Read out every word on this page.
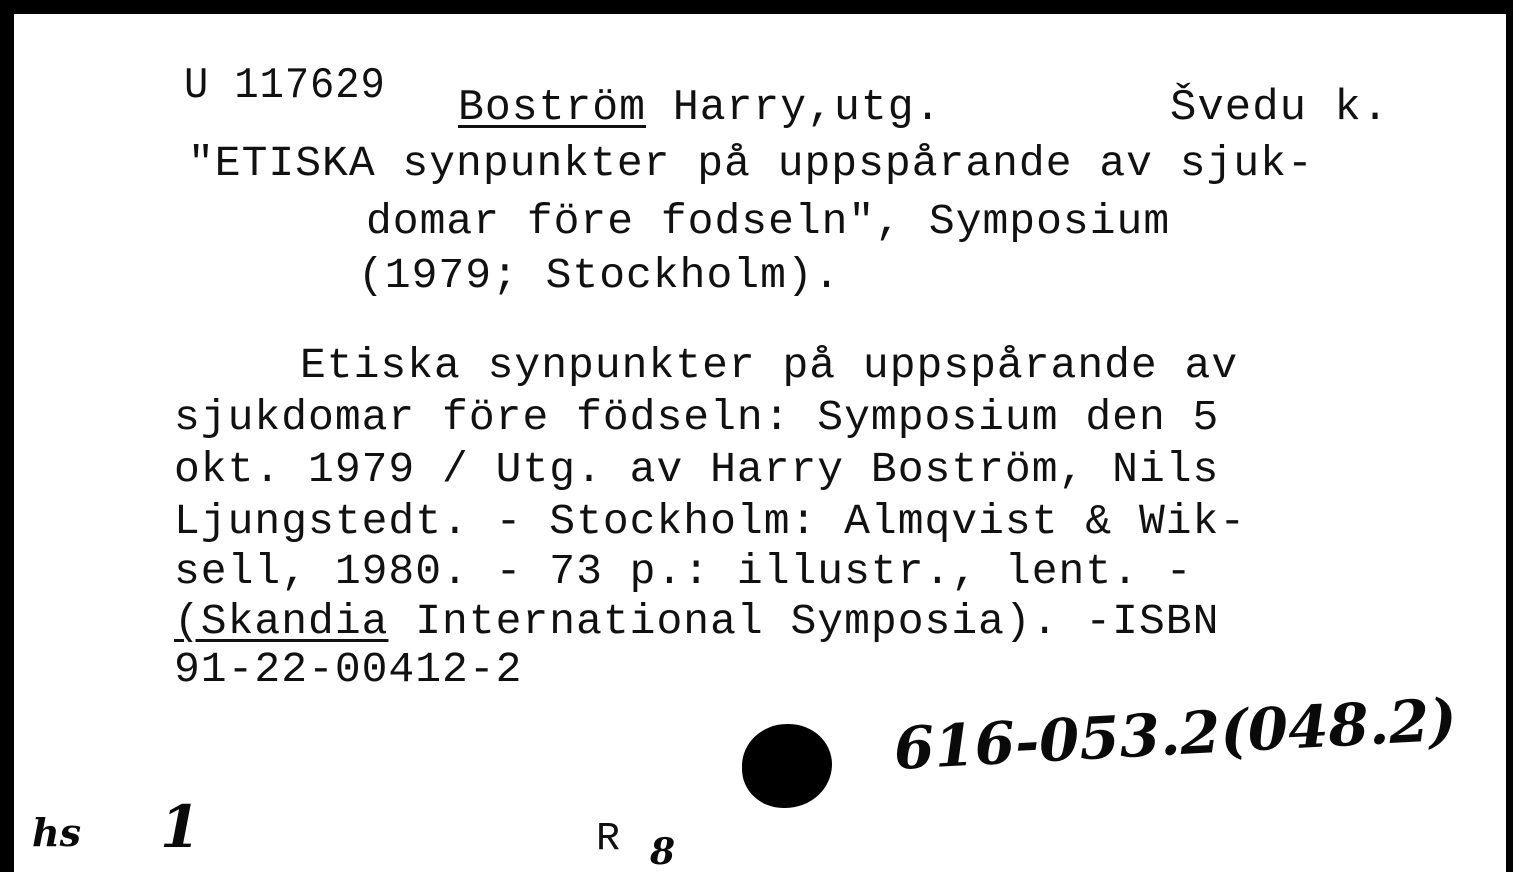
U 117629 Boström Harry,utg.	Švedu k.
"ETISKA synpunkter på uppspårande av sjuk-
domar före fodseln", Symposium
(1979; Stockholm).
Etiska synpunkter på uppspårande av
sjukdomar före födseln: Symposium den 5
okt. 1979 / Utg. av Harry Boström, Nils
Ljungstedt. - Stockholm: Almqvist & Wik-
sell, 1980. - 73 p.: illustr., lent. -
(Skandia International Symposia). -ISBN
91-22-00412-2
616-053.2(048.2)
hs 1	R 8
